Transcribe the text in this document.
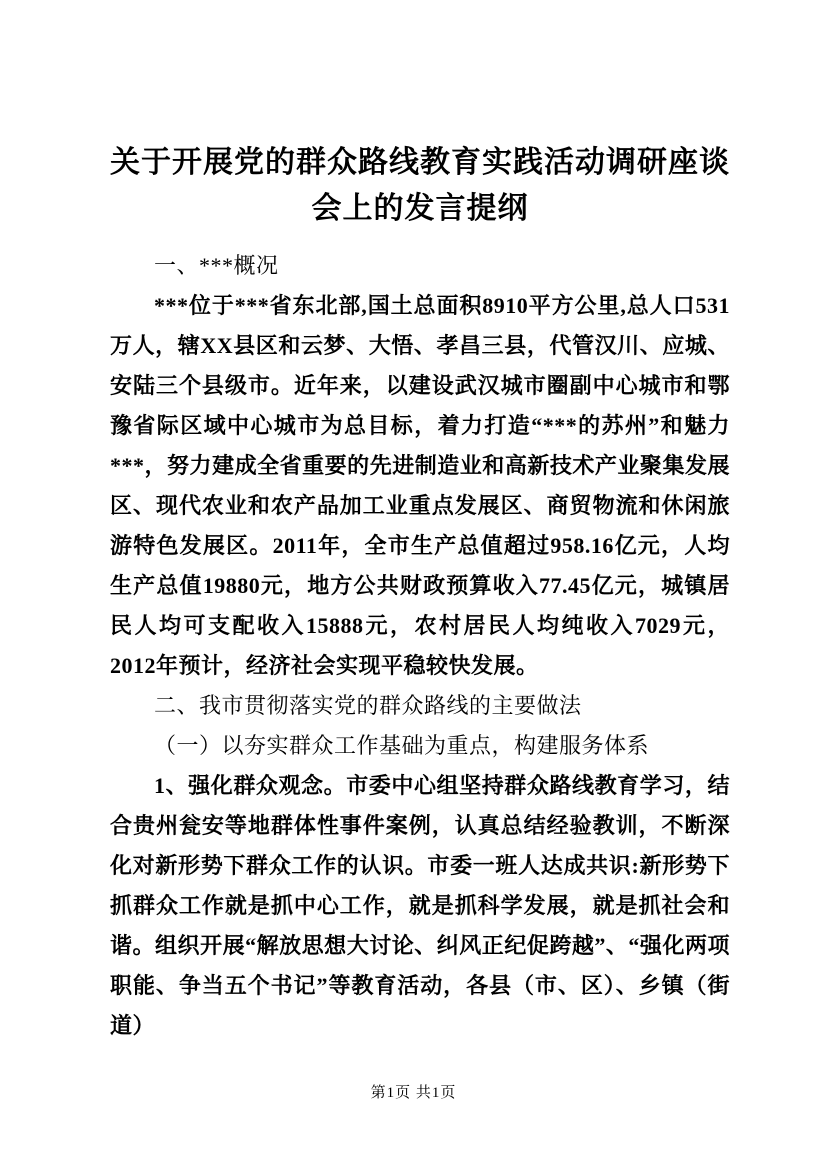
关于开展党的群众路线教育实践活动调研座谈会上的发言提纲

一、***概况

***位于***省东北部,国土总面积8910平方公里,总人口531万人，辖XX县区和云梦、大悟、孝昌三县，代管汉川、应城、安陆三个县级市。近年来，以建设武汉城市圈副中心城市和鄂豫省际区域中心城市为总目标，着力打造“***的苏州”和魅力***，努力建成全省重要的先进制造业和高新技术产业聚集发展区、现代农业和农产品加工业重点发展区、商贸物流和休闲旅游特色发展区。2011年，全市生产总值超过958.16亿元，人均生产总值19880元，地方公共财政预算收入77.45亿元，城镇居民人均可支配收入15888元，农村居民人均纯收入7029元，2012年预计，经济社会实现平稳较快发展。

二、我市贯彻落实党的群众路线的主要做法

（一）以夯实群众工作基础为重点，构建服务体系

1、强化群众观念。市委中心组坚持群众路线教育学习，结合贵州瓮安等地群体性事件案例，认真总结经验教训，不断深化对新形势下群众工作的认识。市委一班人达成共识:新形势下抓群众工作就是抓中心工作，就是抓科学发展，就是抓社会和谐。组织开展“解放思想大讨论、纠风正纪促跨越”、“强化两项职能、争当五个书记”等教育活动，各县（市、区）、乡镇（街道）

第1页 共1页
